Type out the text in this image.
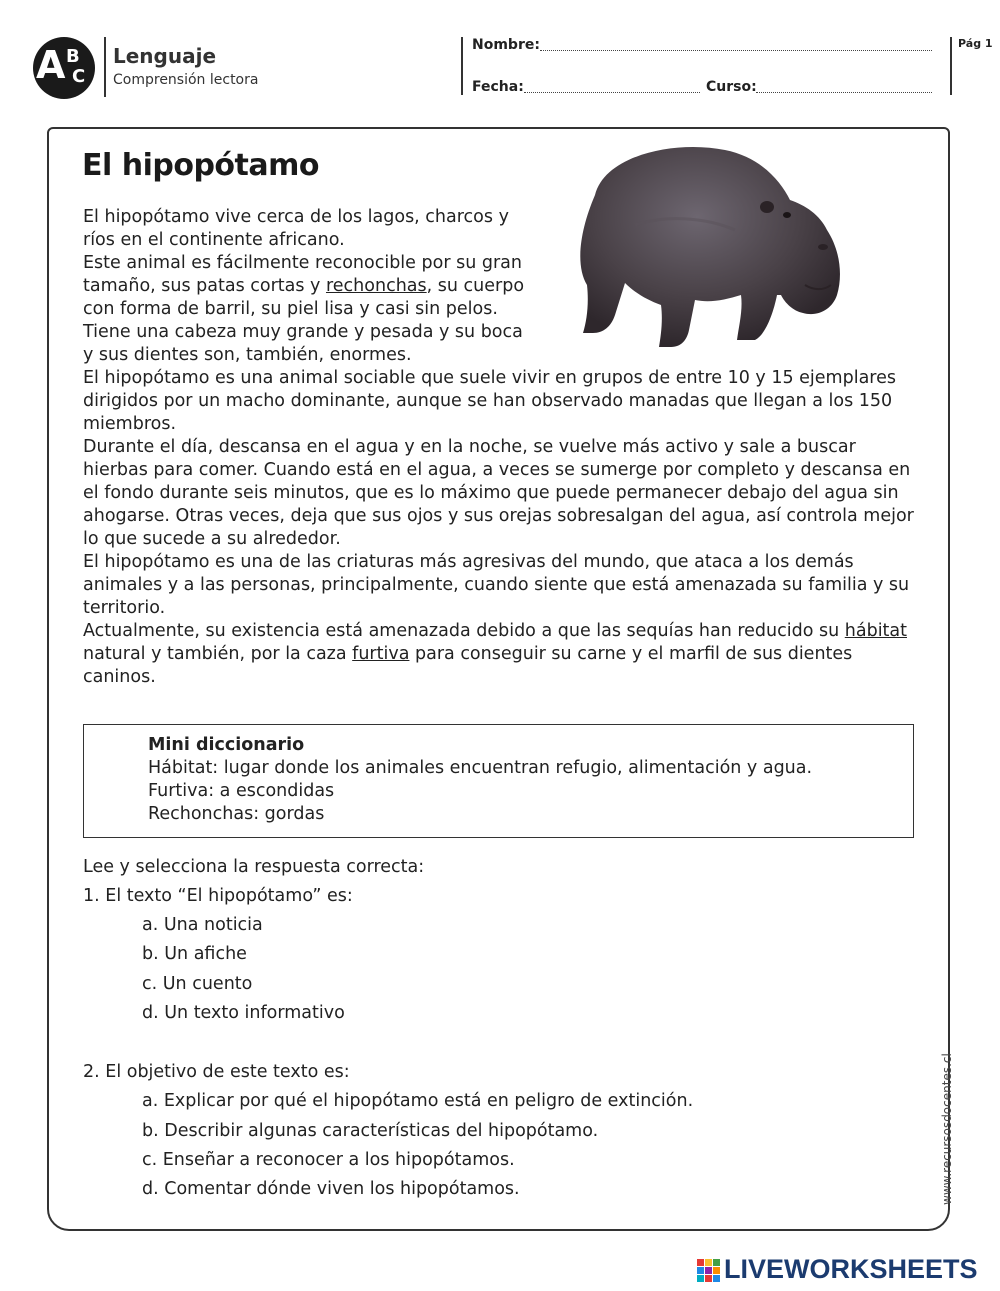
A B
C
Lenguaje
Comprensión lectora
Nombre:
Fecha:	Curso:
Pág 1
El hipopótamo

El hipopótamo vive cerca de los lagos, charcos y ríos en el continente africano.

Este animal es fácilmente reconocible por su gran tamaño, sus patas cortas y rechonchas, su cuerpo con forma de barril, su piel lisa y casi sin pelos. Tiene una cabeza muy grande y pesada y su boca y sus dientes son, también, enormes.

El hipopótamo es una animal sociable que suele vivir en grupos de entre 10 y 15 ejemplares dirigidos por un macho dominante, aunque se han observado manadas que llegan a los 150 miembros.

Durante el día, descansa en el agua y en la noche, se vuelve más activo y sale a buscar hierbas para comer. Cuando está en el agua, a veces se sumerge por completo y descansa en el fondo durante seis minutos, que es lo máximo que puede permanecer debajo del agua sin ahogarse. Otras veces, deja que sus ojos y sus orejas sobresalgan del agua, así controla mejor lo que sucede a su alrededor.

El hipopótamo es una de las criaturas más agresivas del mundo, que ataca a los demás animales y a las personas, principalmente, cuando siente que está amenazada su familia y su territorio.

Actualmente, su existencia está amenazada debido a que las sequías han reducido su hábitat natural y también, por la caza furtiva para conseguir su carne y el marfil de sus dientes caninos.

Mini diccionario
Hábitat: lugar donde los animales encuentran refugio, alimentación y agua.
Furtiva: a escondidas
Rechonchas: gordas
Lee y selecciona la respuesta correcta:
1. El texto “El hipopótamo” es:
a. Una noticia
b. Un afiche
c. Un cuento
d. Un texto informativo
2. El objetivo de este texto es:
a. Explicar por qué el hipopótamo está en peligro de extinción.
b. Describir algunas características del hipopótamo.
c. Enseñar a reconocer a los hipopótamos.
d. Comentar dónde viven los hipopótamos.	www.recursosdocentes.cl
LIVEWORKSHEETS
